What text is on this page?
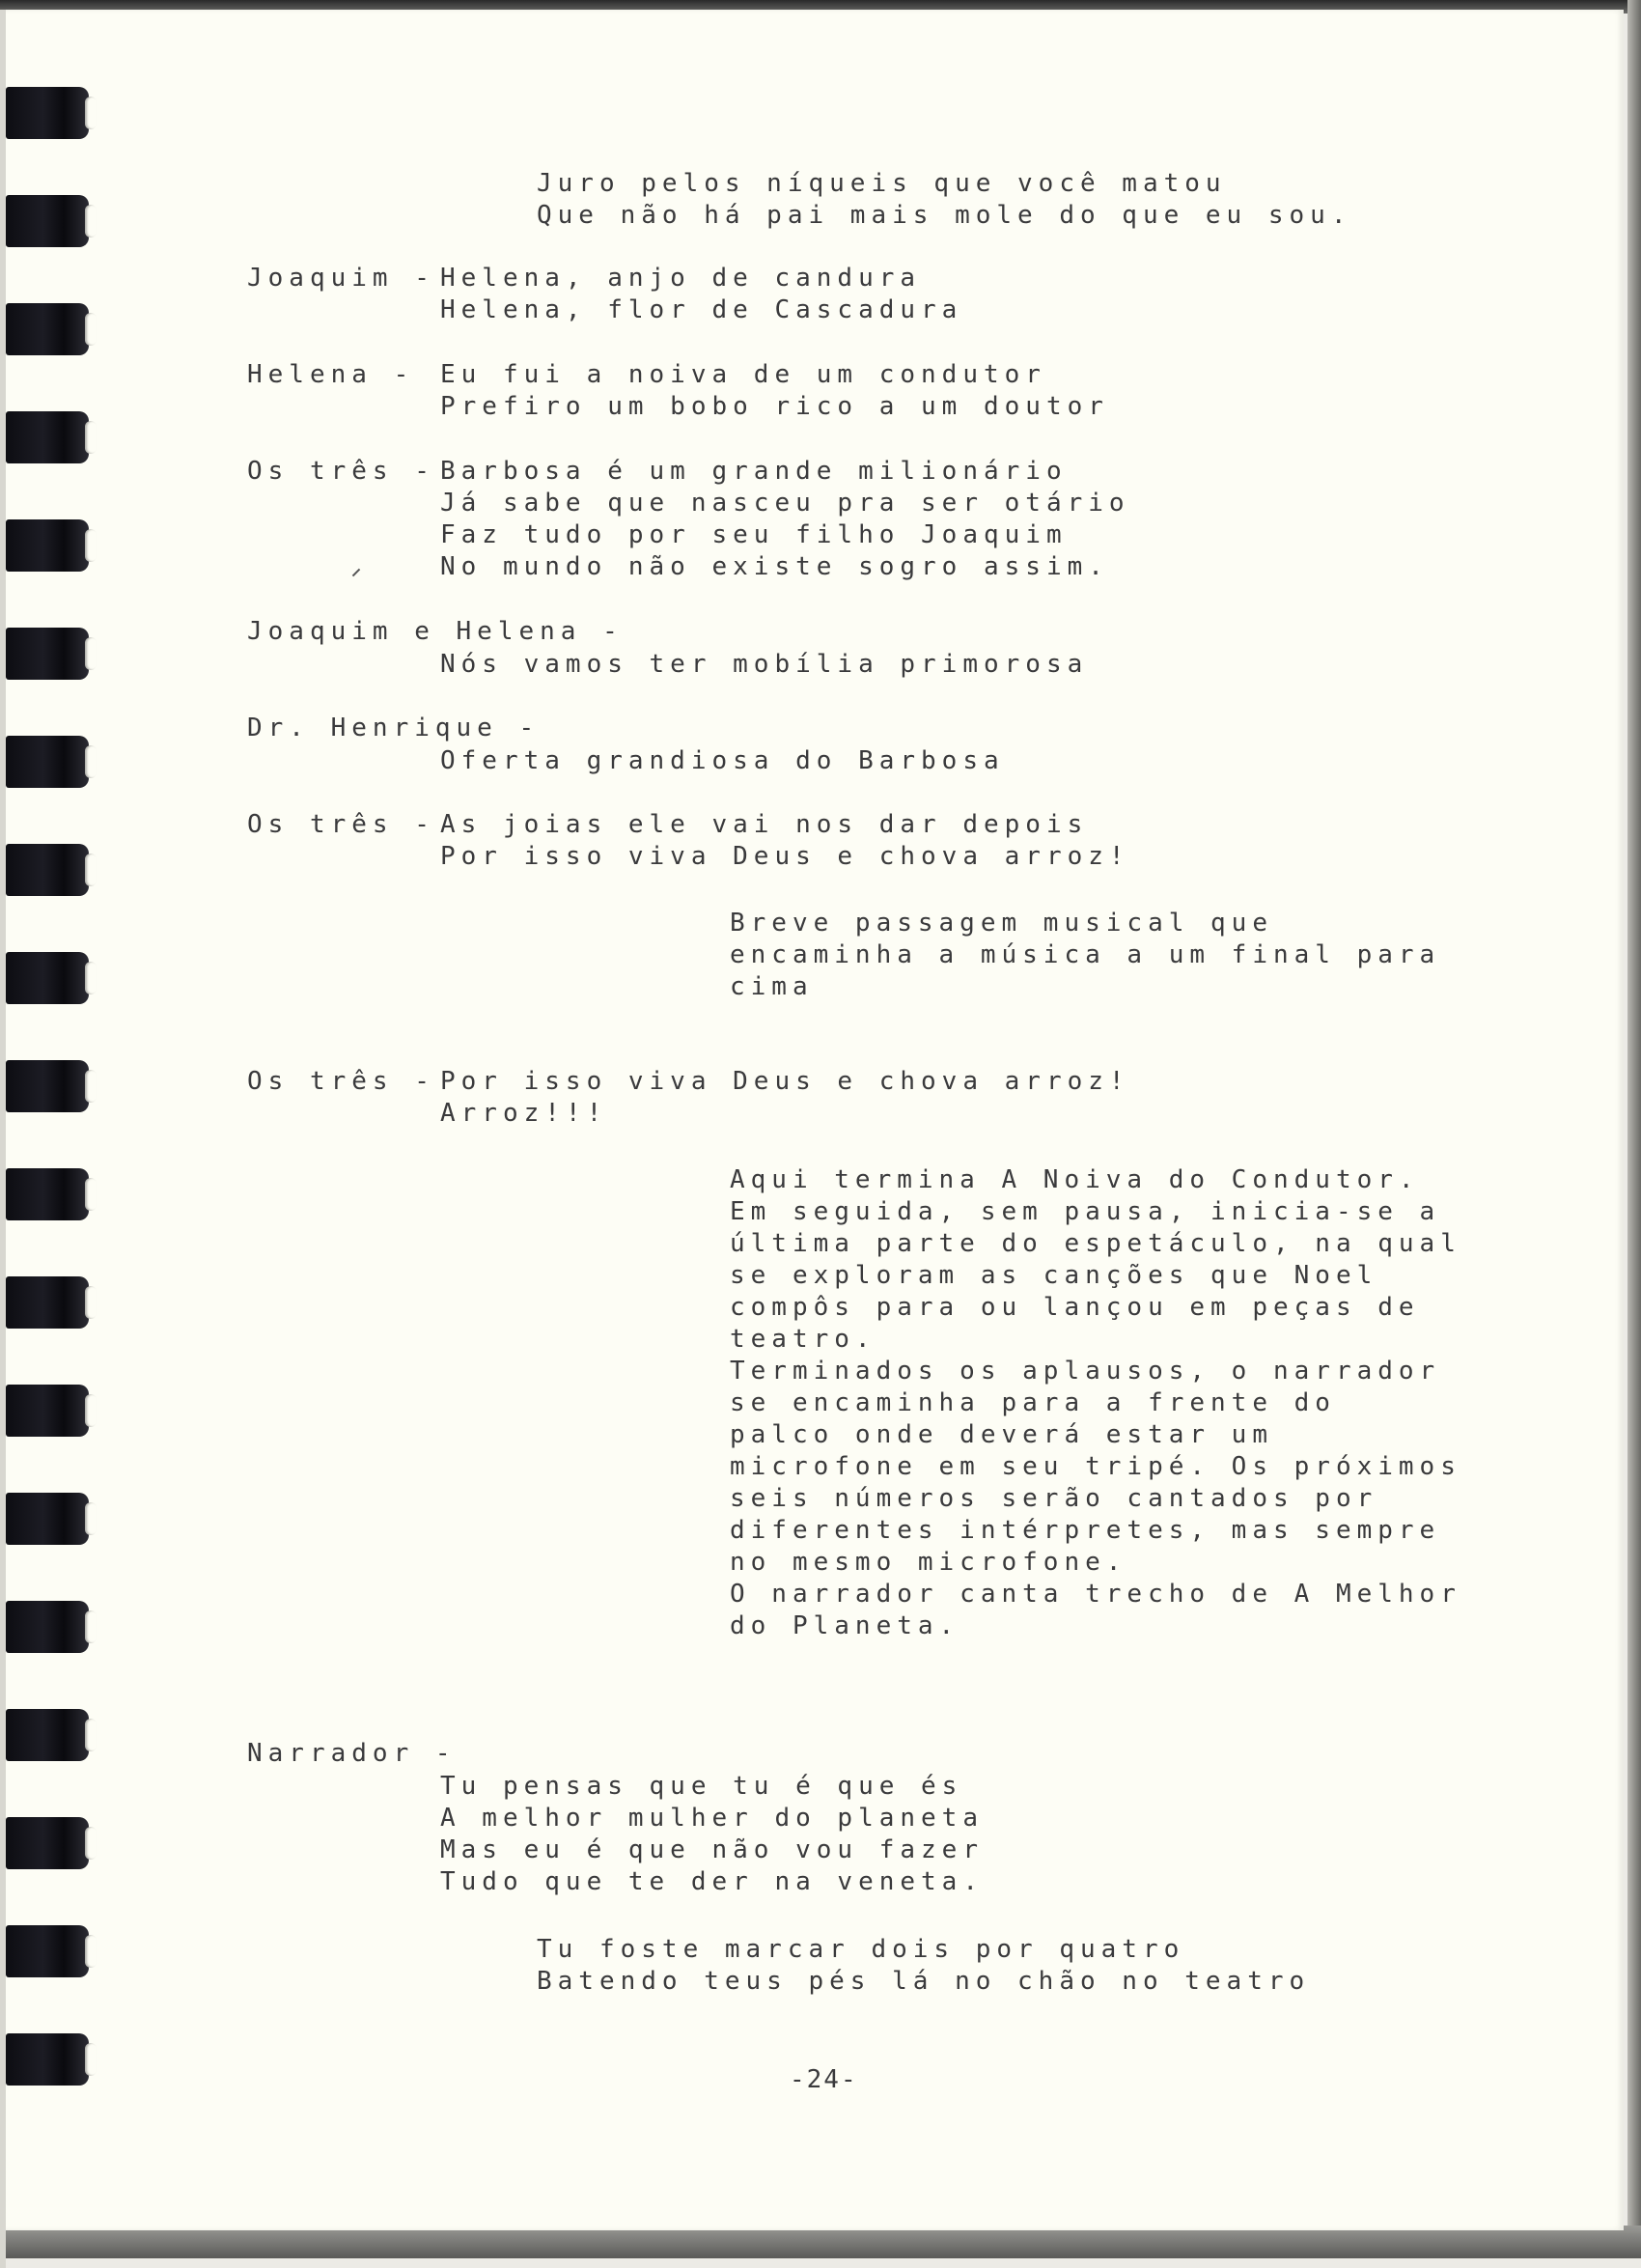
Juro pelos níqueis que você matou

Que não há pai mais mole do que eu sou.

Joaquim - Helena, anjo de candura

Helena, flor de Cascadura

Helena - Eu fui a noiva de um condutor

Prefiro um bobo rico a um doutor

Os três - Barbosa é um grande milionário

Já sabe que nasceu pra ser otário

Faz tudo por seu filho Joaquim

No mundo não existe sogro assim.

Joaquim e Helena -

Nós vamos ter mobília primorosa

Dr. Henrique -

Oferta grandiosa do Barbosa

Os três - As joias ele vai nos dar depois

Por isso viva Deus e chova arroz!

Breve passagem musical que
encaminha a música a um final para
cima

Os três - Por isso viva Deus e chova arroz!

Arroz!!!

Aqui termina A Noiva do Condutor.
Em seguida, sem pausa, inicia-se a
última parte do espetáculo, na qual
se exploram as canções que Noel
compôs para ou lançou em peças de
teatro.
Terminados os aplausos, o narrador
se encaminha para a frente do
palco onde deverá estar um
microfone em seu tripé. Os próximos
seis números serão cantados por
diferentes intérpretes, mas sempre
no mesmo microfone.
O narrador canta trecho de A Melhor
do Planeta.

Narrador -

Tu pensas que tu é que és

A melhor mulher do planeta

Mas eu é que não vou fazer

Tudo que te der na veneta.

Tu foste marcar dois por quatro

Batendo teus pés lá no chão no teatro

-24-
